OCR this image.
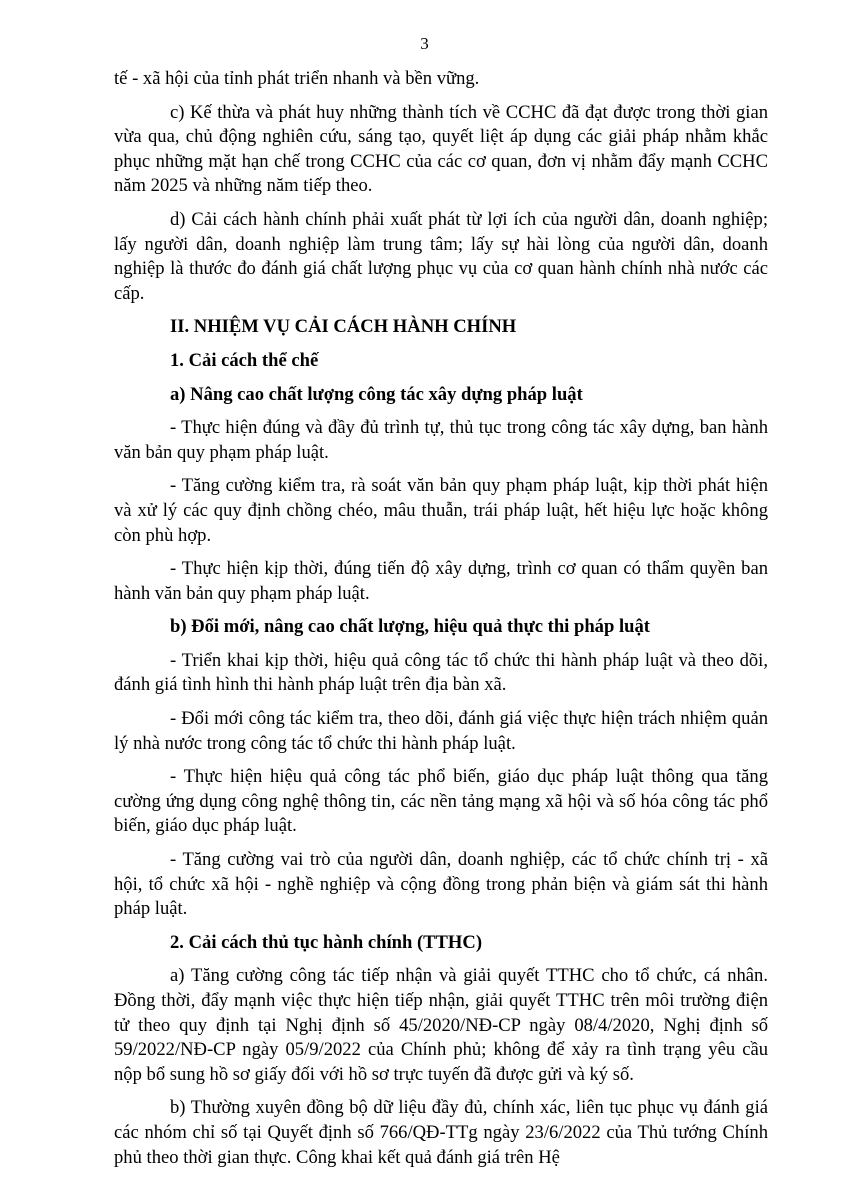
3

tế - xã hội của tỉnh phát triển nhanh và bền vững.

c) Kế thừa và phát huy những thành tích về CCHC đã đạt được trong thời gian vừa qua, chủ động nghiên cứu, sáng tạo, quyết liệt áp dụng các giải pháp nhằm khắc phục những mặt hạn chế trong CCHC của các cơ quan, đơn vị nhằm đẩy mạnh CCHC năm 2025 và những năm tiếp theo.

d) Cải cách hành chính phải xuất phát từ lợi ích của người dân, doanh nghiệp; lấy người dân, doanh nghiệp làm trung tâm; lấy sự hài lòng của người dân, doanh nghiệp là thước đo đánh giá chất lượng phục vụ của cơ quan hành chính nhà nước các cấp.

II. NHIỆM VỤ CẢI CÁCH HÀNH CHÍNH
1. Cải cách thể chế
a) Nâng cao chất lượng công tác xây dựng pháp luật

- Thực hiện đúng và đầy đủ trình tự, thủ tục trong công tác xây dựng, ban hành văn bản quy phạm pháp luật.

- Tăng cường kiểm tra, rà soát văn bản quy phạm pháp luật, kịp thời phát hiện và xử lý các quy định chồng chéo, mâu thuẫn, trái pháp luật, hết hiệu lực hoặc không còn phù hợp.

- Thực hiện kịp thời, đúng tiến độ xây dựng, trình cơ quan có thẩm quyền ban hành văn bản quy phạm pháp luật.

b) Đổi mới, nâng cao chất lượng, hiệu quả thực thi pháp luật

- Triển khai kịp thời, hiệu quả công tác tổ chức thi hành pháp luật và theo dõi, đánh giá tình hình thi hành pháp luật trên địa bàn xã.

- Đổi mới công tác kiểm tra, theo dõi, đánh giá việc thực hiện trách nhiệm quản lý nhà nước trong công tác tổ chức thi hành pháp luật.

- Thực hiện hiệu quả công tác phổ biến, giáo dục pháp luật thông qua tăng cường ứng dụng công nghệ thông tin, các nền tảng mạng xã hội và số hóa công tác phổ biến, giáo dục pháp luật.

- Tăng cường vai trò của người dân, doanh nghiệp, các tổ chức chính trị - xã hội, tổ chức xã hội - nghề nghiệp và cộng đồng trong phản biện và giám sát thi hành pháp luật.

2. Cải cách thủ tục hành chính (TTHC)

a) Tăng cường công tác tiếp nhận và giải quyết TTHC cho tổ chức, cá nhân. Đồng thời, đẩy mạnh việc thực hiện tiếp nhận, giải quyết TTHC trên môi trường điện tử theo quy định tại Nghị định số 45/2020/NĐ-CP ngày 08/4/2020, Nghị định số 59/2022/NĐ-CP ngày 05/9/2022 của Chính phủ; không để xảy ra tình trạng yêu cầu nộp bổ sung hồ sơ giấy đối với hồ sơ trực tuyến đã được gửi và ký số.

b) Thường xuyên đồng bộ dữ liệu đầy đủ, chính xác, liên tục phục vụ đánh giá các nhóm chỉ số tại Quyết định số 766/QĐ-TTg ngày 23/6/2022 của Thủ tướng Chính phủ theo thời gian thực. Công khai kết quả đánh giá trên Hệ
